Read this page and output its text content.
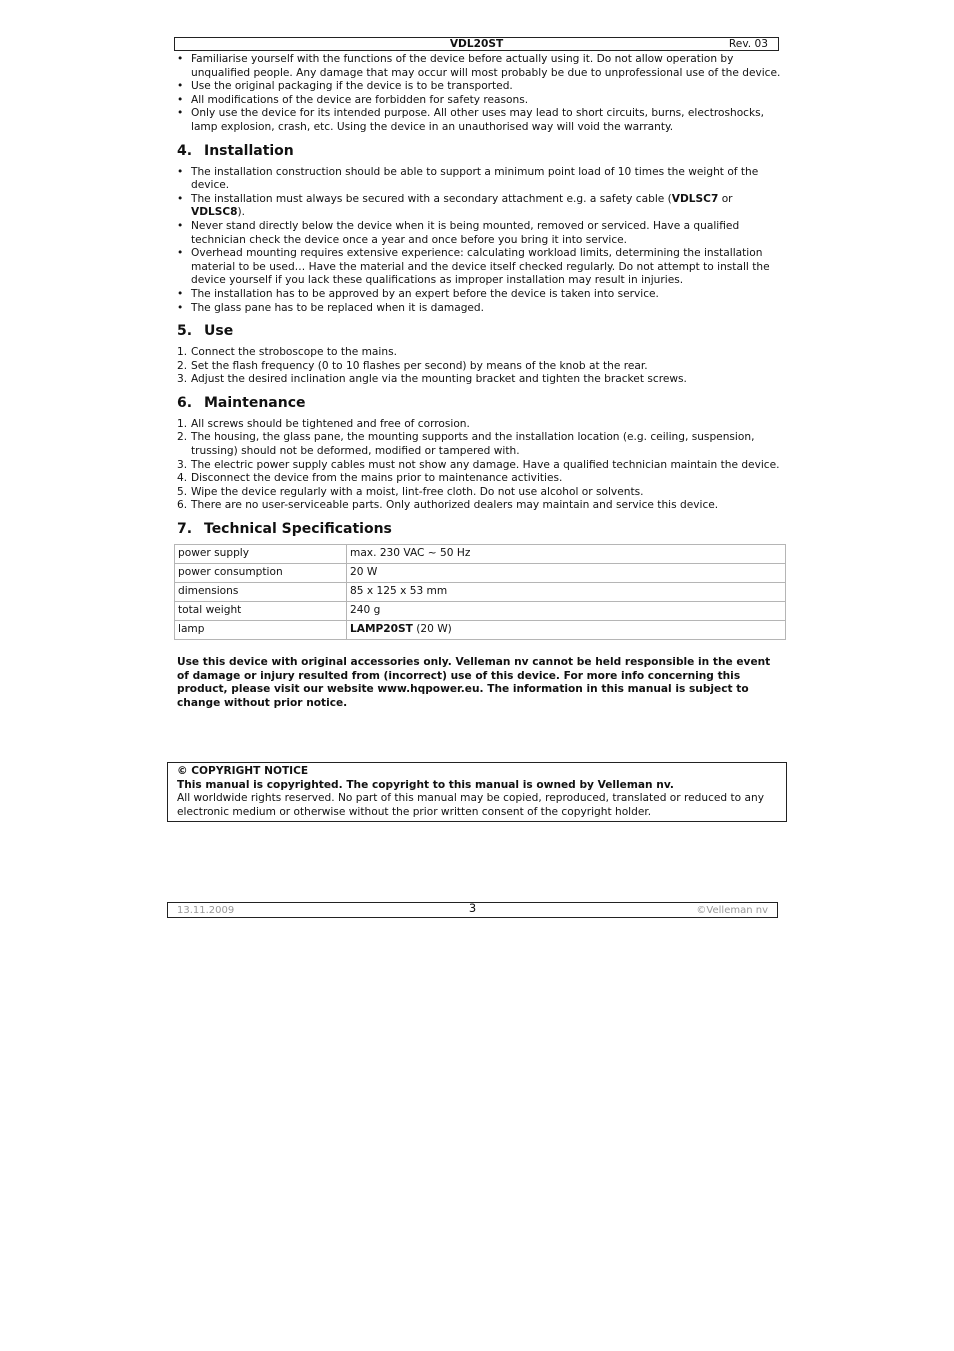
VDL20ST	Rev. 03
• Familiarise yourself with the functions of the device before actually using it. Do not allow operation by unqualified people. Any damage that may occur will most probably be due to unprofessional use of the device.
• Use the original packaging if the device is to be transported.
• All modifications of the device are forbidden for safety reasons.
• Only use the device for its intended purpose. All other uses may lead to short circuits, burns, electroshocks, lamp explosion, crash, etc. Using the device in an unauthorised way will void the warranty.
4. Installation
• The installation construction should be able to support a minimum point load of 10 times the weight of the device.
• The installation must always be secured with a secondary attachment e.g. a safety cable (VDLSC7 or VDLSC8).
• Never stand directly below the device when it is being mounted, removed or serviced. Have a qualified technician check the device once a year and once before you bring it into service.
• Overhead mounting requires extensive experience: calculating workload limits, determining the installation material to be used… Have the material and the device itself checked regularly. Do not attempt to install the device yourself if you lack these qualifications as improper installation may result in injuries.
• The installation has to be approved by an expert before the device is taken into service.
• The glass pane has to be replaced when it is damaged.
5. Use
1. Connect the stroboscope to the mains.
2. Set the flash frequency (0 to 10 flashes per second) by means of the knob at the rear.
3. Adjust the desired inclination angle via the mounting bracket and tighten the bracket screws.
6. Maintenance
1. All screws should be tightened and free of corrosion.
2. The housing, the glass pane, the mounting supports and the installation location (e.g. ceiling, suspension, trussing) should not be deformed, modified or tampered with.
3. The electric power supply cables must not show any damage. Have a qualified technician maintain the device.
4. Disconnect the device from the mains prior to maintenance activities.
5. Wipe the device regularly with a moist, lint-free cloth. Do not use alcohol or solvents.
6. There are no user-serviceable parts. Only authorized dealers may maintain and service this device.
7. Technical Specifications
power supply	max. 230 VAC ~ 50 Hz
power consumption	20 W
dimensions	85 x 125 x 53 mm
total weight	240 g
lamp	LAMP20ST (20 W)
Use this device with original accessories only. Velleman nv cannot be held responsible in the event of damage or injury resulted from (incorrect) use of this device. For more info concerning this product, please visit our website www.hqpower.eu. The information in this manual is subject to change without prior notice.
© COPYRIGHT NOTICE
This manual is copyrighted. The copyright to this manual is owned by Velleman nv.
All worldwide rights reserved. No part of this manual may be copied, reproduced, translated or reduced to any electronic medium or otherwise without the prior written consent of the copyright holder.
13.11.2009	3	©Velleman nv
